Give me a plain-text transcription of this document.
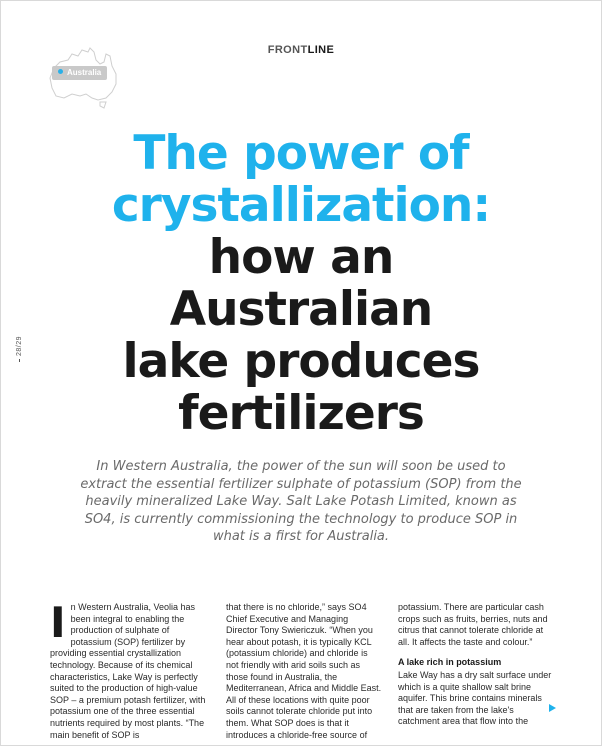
FRONTLINE
Australia
28/29
The power of
crystallization:
how an
Australian
lake produces
fertilizers
In Western Australia, the power of the sun will soon be used to extract the essential fertilizer sulphate of potassium (SOP) from the heavily mineralized Lake Way. Salt Lake Potash Limited, known as SO4, is currently commissioning the technology to produce SOP in what is a first for Australia.
I n Western Australia, Veolia has been integral to enabling the production of sulphate of potassium (SOP) fertilizer by providing essential crystallization technology. Because of its chemical characteristics, Lake Way is perfectly suited to the production of high-value SOP – a premium potash fertilizer, with potassium one of the three essential nutrients required by most plants. “The main benefit of SOP is

that there is no chloride,” says SO4 Chief Executive and Managing Director Tony Swiericzuk. “When you hear about potash, it is typically KCL (potassium chloride) and chloride is not friendly with arid soils such as those found in Australia, the Mediterranean, Africa and Middle East. All of these locations with quite poor soils cannot tolerate chloride put into them. What SOP does is that it introduces a chloride-free source of

potassium. There are particular cash crops such as fruits, berries, nuts and citrus that cannot tolerate chloride at all. It affects the taste and colour.”

A lake rich in potassium

Lake Way has a dry salt surface under which is a quite shallow salt brine aquifer. This brine contains minerals that are taken from the lake's catchment area that flow into the
